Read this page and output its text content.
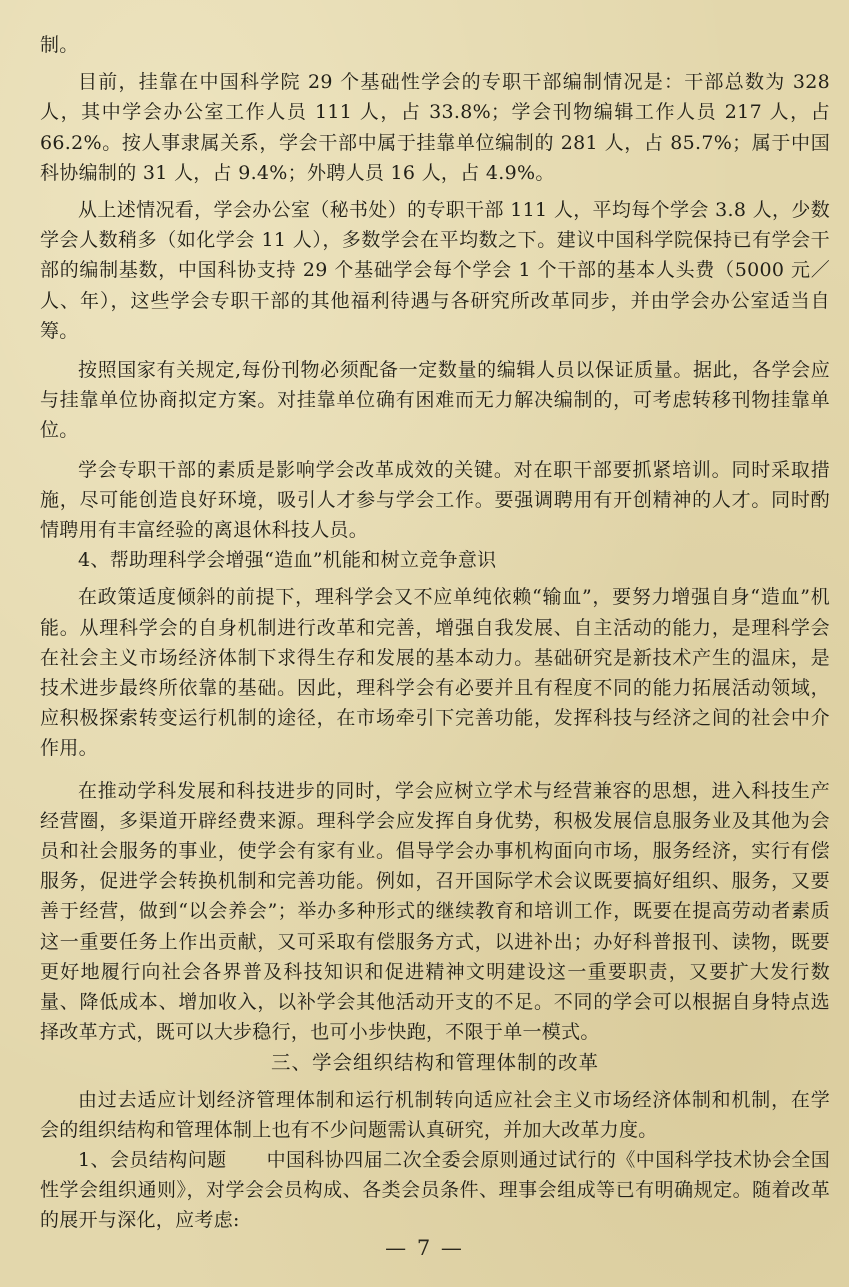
制。

目前，挂靠在中国科学院 29 个基础性学会的专职干部编制情况是：干部总数为 328 人，其中学会办公室工作人员 111 人，占 33.8%；学会刊物编辑工作人员 217 人，占 66.2%。按人事隶属关系，学会干部中属于挂靠单位编制的 281 人，占 85.7%；属于中国科协编制的 31 人，占 9.4%；外聘人员 16 人，占 4.9%。

从上述情况看，学会办公室（秘书处）的专职干部 111 人，平均每个学会 3.8 人，少数学会人数稍多（如化学会 11 人），多数学会在平均数之下。建议中国科学院保持已有学会干部的编制基数，中国科协支持 29 个基础学会每个学会 1 个干部的基本人头费（5000 元／人、年），这些学会专职干部的其他福利待遇与各研究所改革同步，并由学会办公室适当自筹。

按照国家有关规定,每份刊物必须配备一定数量的编辑人员以保证质量。据此，各学会应与挂靠单位协商拟定方案。对挂靠单位确有困难而无力解决编制的，可考虑转移刊物挂靠单位。

学会专职干部的素质是影响学会改革成效的关键。对在职干部要抓紧培训。同时采取措施，尽可能创造良好环境，吸引人才参与学会工作。要强调聘用有开创精神的人才。同时酌情聘用有丰富经验的离退休科技人员。

4、帮助理科学会增强“造血”机能和树立竞争意识

在政策适度倾斜的前提下，理科学会又不应单纯依赖“输血”，要努力增强自身“造血”机能。从理科学会的自身机制进行改革和完善，增强自我发展、自主活动的能力，是理科学会在社会主义市场经济体制下求得生存和发展的基本动力。基础研究是新技术产生的温床，是技术进步最终所依靠的基础。因此，理科学会有必要并且有程度不同的能力拓展活动领域，应积极探索转变运行机制的途径，在市场牵引下完善功能，发挥科技与经济之间的社会中介作用。

在推动学科发展和科技进步的同时，学会应树立学术与经营兼容的思想，进入科技生产经营圈，多渠道开辟经费来源。理科学会应发挥自身优势，积极发展信息服务业及其他为会员和社会服务的事业，使学会有家有业。倡导学会办事机构面向市场，服务经济，实行有偿服务，促进学会转换机制和完善功能。例如，召开国际学术会议既要搞好组织、服务，又要善于经营，做到“以会养会”；举办多种形式的继续教育和培训工作，既要在提高劳动者素质这一重要任务上作出贡献，又可采取有偿服务方式，以进补出；办好科普报刊、读物，既要更好地履行向社会各界普及科技知识和促进精神文明建设这一重要职责，又要扩大发行数量、降低成本、增加收入，以补学会其他活动开支的不足。不同的学会可以根据自身特点选择改革方式，既可以大步稳行，也可小步快跑，不限于单一模式。

三、学会组织结构和管理体制的改革

由过去适应计划经济管理体制和运行机制转向适应社会主义市场经济体制和机制，在学会的组织结构和管理体制上也有不少问题需认真研究，并加大改革力度。

1、会员结构问题 中国科协四届二次全委会原则通过试行的《中国科学技术协会全国性学会组织通则》，对学会会员构成、各类会员条件、理事会组成等已有明确规定。随着改革的展开与深化，应考虑:

— 7 —
